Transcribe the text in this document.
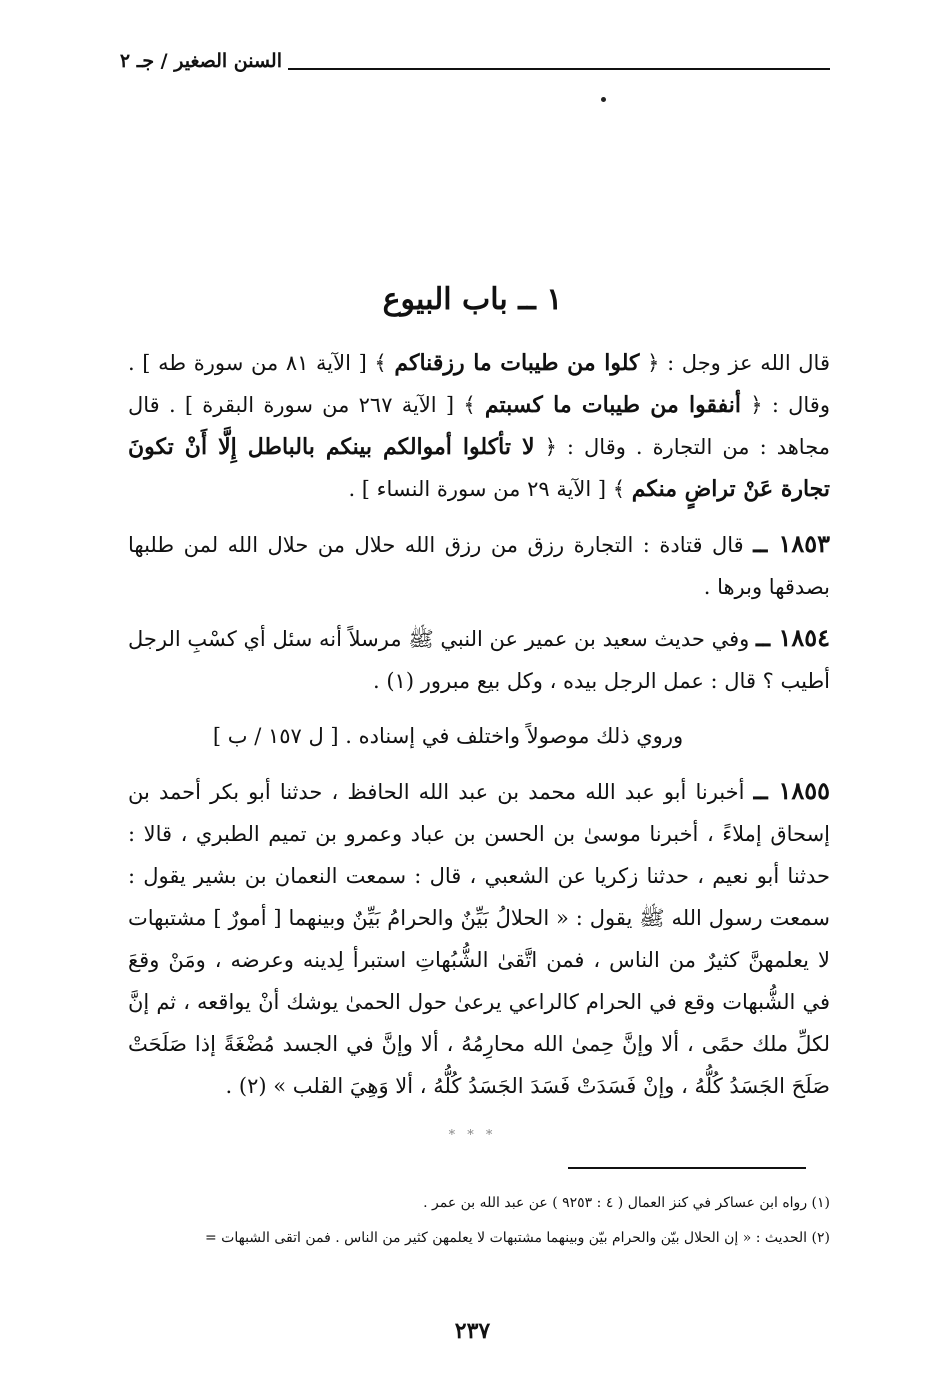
السنن الصغير / جـ ٢
١ ــ باب البيوع
قال الله عز وجل : ﴿ كلوا من طيبات ما رزقناكم ﴾ [ الآية ٨١ من سورة طه ] . وقال : ﴿ أنفقوا من طيبات ما كسبتم ﴾ [ الآية ٢٦٧ من سورة البقرة ] . قال مجاهد : من التجارة . وقال : ﴿ لا تأكلوا أموالكم بينكم بالباطل إِلَّا أَنْ تكونَ تجارة عَنْ تراضٍ منكم ﴾ [ الآية ٢٩ من سورة النساء ] .
١٨٥٣ ــ قال قتادة : التجارة رزق من رزق الله حلال من حلال الله لمن طلبها بصدقها وبرها .
١٨٥٤ ــ وفي حديث سعيد بن عمير عن النبي ﷺ مرسلاً أنه سئل أي كسْبِ الرجل أطيب ؟ قال : عمل الرجل بيده ، وكل بيع مبرور (١) .
وروي ذلك موصولاً واختلف في إسناده . [ ل ١٥٧ / ب ]
١٨٥٥ ــ أخبرنا أبو عبد الله محمد بن عبد الله الحافظ ، حدثنا أبو بكر أحمد بن إسحاق إملاءً ، أخبرنا موسىٰ بن الحسن بن عباد وعمرو بن تميم الطبري ، قالا : حدثنا أبو نعيم ، حدثنا زكريا عن الشعبي ، قال : سمعت النعمان بن بشير يقول : سمعت رسول الله ﷺ يقول : « الحلالُ بَيِّنٌ والحرامُ بَيِّنٌ وبينهما [ أمورٌ ] مشتبهات لا يعلمهنَّ كثيرٌ من الناس ، فمن اتَّقىٰ الشُّبُهاتِ استبرأ لِدينه وعرضه ، ومَنْ وقعَ في الشُّبهات وقع في الحرام كالراعي يرعىٰ حول الحمىٰ يوشك أنْ يواقعه ، ثم إنَّ لكلِّ ملك حمًى ، ألا وإنَّ حِمىٰ الله محارِمُهُ ، ألا وإنَّ في الجسد مُضْغَةً إذا صَلَحَتْ صَلَحَ الجَسَدُ كُلُّهُ ، وإنْ فَسَدَتْ فَسَدَ الجَسَدُ كُلُّهُ ، ألا وَهِيَ القلب » (٢) .
* * *
(١) رواه ابن عساكر في كنز العمال ( ٤ : ٩٢٥٣ ) عن عبد الله بن عمر .
(٢) الحديث : « إن الحلال بيّن والحرام بيّن وبينهما مشتبهات لا يعلمهن كثير من الناس . فمن اتقى الشبهات =
٢٣٧
